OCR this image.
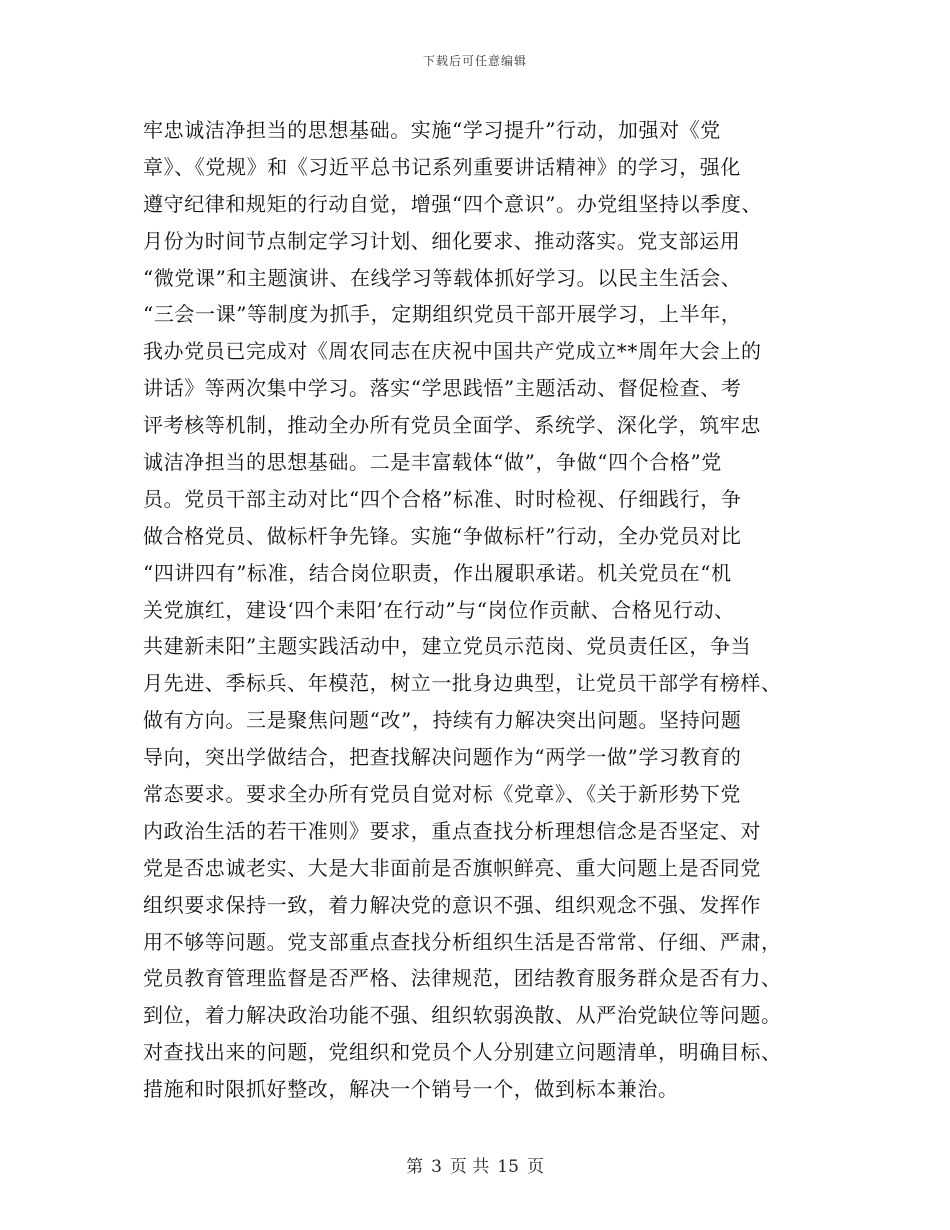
下载后可任意编辑
牢忠诚洁净担当的思想基础。实施“学习提升”行动，加强对《党
章》、《党规》和《习近平总书记系列重要讲话精神》的学习，强化
遵守纪律和规矩的行动自觉，增强“四个意识”。办党组坚持以季度、
月份为时间节点制定学习计划、细化要求、推动落实。党支部运用
“微党课”和主题演讲、在线学习等载体抓好学习。以民主生活会、
“三会一课”等制度为抓手，定期组织党员干部开展学习，上半年，
我办党员已完成对《周农同志在庆祝中国共产党成立**周年大会上的
讲话》等两次集中学习。落实“学思践悟”主题活动、督促检查、考
评考核等机制，推动全办所有党员全面学、系统学、深化学，筑牢忠
诚洁净担当的思想基础。二是丰富载体“做”，争做“四个合格”党
员。党员干部主动对比“四个合格”标准、时时检视、仔细践行，争
做合格党员、做标杆争先锋。实施“争做标杆”行动，全办党员对比
“四讲四有”标准，结合岗位职责，作出履职承诺。机关党员在“机
关党旗红，建设‘四个耒阳’在行动”与“岗位作贡献、合格见行动、
共建新耒阳”主题实践活动中，建立党员示范岗、党员责任区，争当
月先进、季标兵、年模范，树立一批身边典型，让党员干部学有榜样、
做有方向。三是聚焦问题“改”，持续有力解决突出问题。坚持问题
导向，突出学做结合，把查找解决问题作为“两学一做”学习教育的
常态要求。要求全办所有党员自觉对标《党章》、《关于新形势下党
内政治生活的若干准则》要求，重点查找分析理想信念是否坚定、对
党是否忠诚老实、大是大非面前是否旗帜鲜亮、重大问题上是否同党
组织要求保持一致，着力解决党的意识不强、组织观念不强、发挥作
用不够等问题。党支部重点查找分析组织生活是否常常、仔细、严肃，
党员教育管理监督是否严格、法律规范，团结教育服务群众是否有力、
到位，着力解决政治功能不强、组织软弱涣散、从严治党缺位等问题。
对查找出来的问题，党组织和党员个人分别建立问题清单，明确目标、
措施和时限抓好整改，解决一个销号一个，做到标本兼治。
第 3 页 共 15 页
